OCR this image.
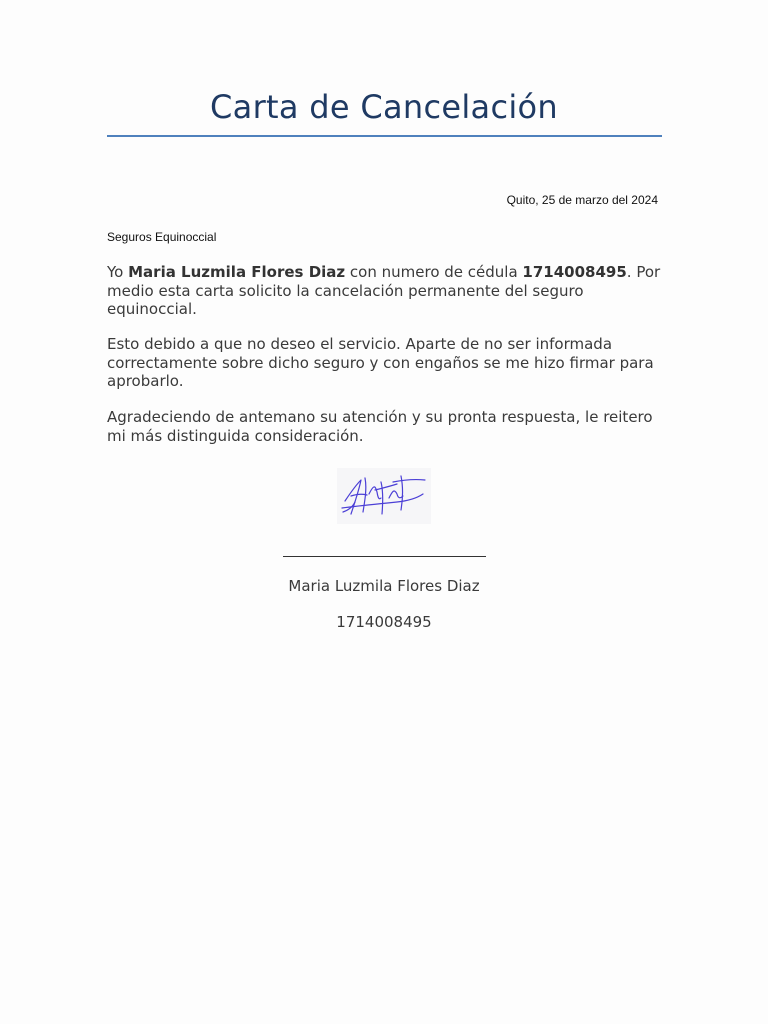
Carta de Cancelación
Quito, 25 de marzo del 2024
Seguros Equinoccial
Yo Maria Luzmila Flores Diaz con numero de cédula 1714008495. Por medio esta carta solicito la cancelación permanente del seguro equinoccial.
Esto debido a que no deseo el servicio. Aparte de no ser informada correctamente sobre dicho seguro y con engaños se me hizo firmar para aprobarlo.
Agradeciendo de antemano su atención y su pronta respuesta, le reitero mi más distinguida consideración.
Maria Luzmila Flores Diaz
1714008495
